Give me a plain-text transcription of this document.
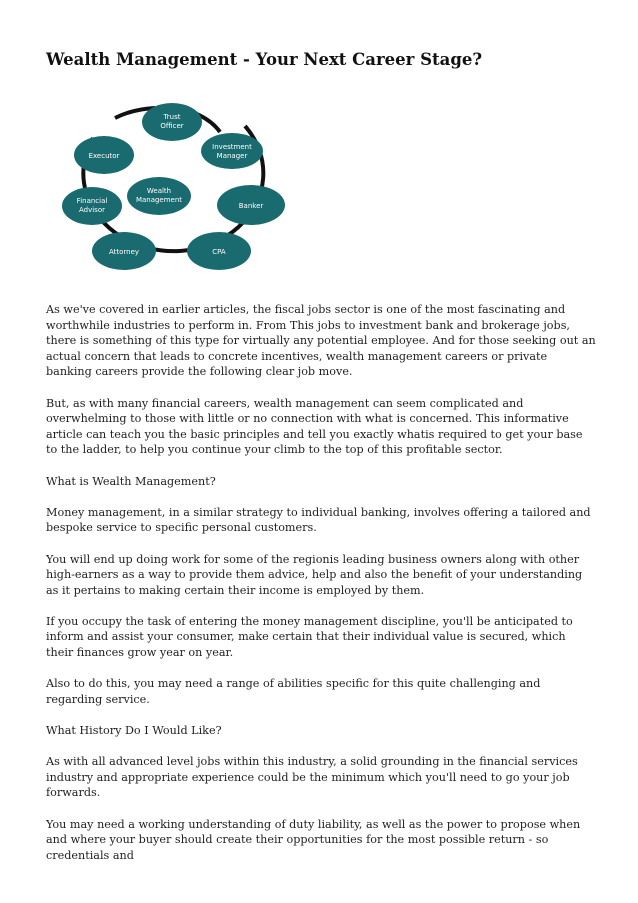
Wealth Management - Your Next Career Stage?
Wealth
Management
Trust
Officer
Investment
Manager
Banker
CPA
Attorney
Financial
Advisor
Executor

As we've covered in earlier articles, the fiscal jobs sector is one of the most fascinating and worthwhile industries to perform in. From This jobs to investment bank and brokerage jobs, there is something of this type for virtually any potential employee. And for those seeking out an actual concern that leads to concrete incentives, wealth management careers or private banking careers provide the following clear job move.

But, as with many financial careers, wealth management can seem complicated and overwhelming to those with little or no connection with what is concerned. This informative article can teach you the basic principles and tell you exactly whatis required to get your base to the ladder, to help you continue your climb to the top of this profitable sector.

What is Wealth Management?

Money management, in a similar strategy to individual banking, involves offering a tailored and bespoke service to specific personal customers.

You will end up doing work for some of the regionis leading business owners along with other high-earners as a way to provide them advice, help and also the benefit of your understanding as it pertains to making certain their income is employed by them.

If you occupy the task of entering the money management discipline, you'll be anticipated to inform and assist your consumer, make certain that their individual value is secured, which their finances grow year on year.

Also to do this, you may need a range of abilities specific for this quite challenging and regarding service.

What History Do I Would Like?

As with all advanced level jobs within this industry, a solid grounding in the financial services industry and appropriate experience could be the minimum which you'll need to go your job forwards.

You may need a working understanding of duty liability, as well as the power to propose when and where your buyer should create their opportunities for the most possible return - so credentials and
